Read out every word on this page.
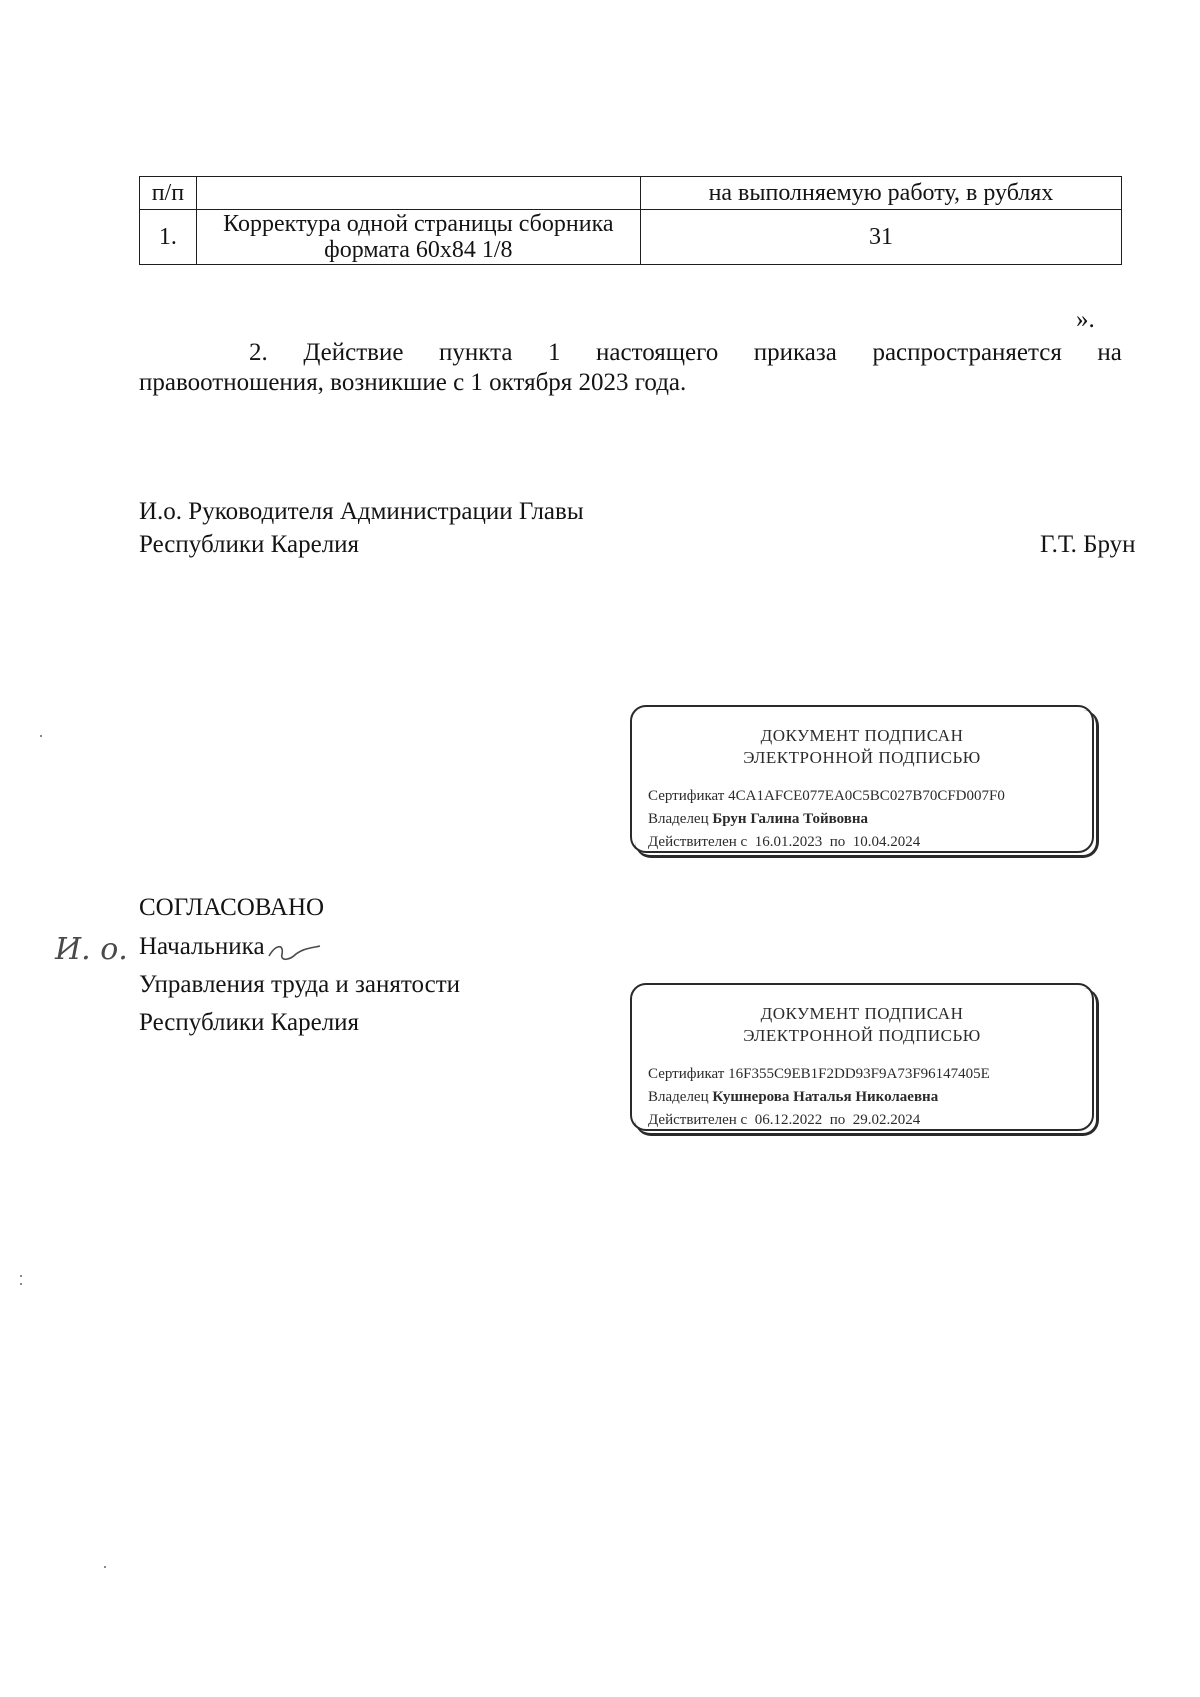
п/п		на выполняемую работу, в рублях
1.	Корректура одной страницы сборника
формата 60x84 1/8	31
».
2. Действие пункта 1 настоящего приказа распространяется на
правоотношения, возникшие с 1 октября 2023 года.
И.о. Руководителя Администрации Главы
Республики Карелия	Г.Т. Брун
ДОКУМЕНТ ПОДПИСАН
ЭЛЕКТРОННОЙ ПОДПИСЬЮ
Сертификат 4CA1AFCE077EA0C5BC027B70CFD007F0
Владелец Брун Галина Тойвовна
Действителен с 16.01.2023 по 10.04.2024
СОГЛАСОВАНО
И. о. Начальника
Управления труда и занятости
Республики Карелия	ДОКУМЕНТ ПОДПИСАН
ЭЛЕКТРОННОЙ ПОДПИСЬЮ
Сертификат 16F355C9EB1F2DD93F9A73F96147405E
Владелец Кушнерова Наталья Николаевна
Действителен с 06.12.2022 по 29.02.2024
